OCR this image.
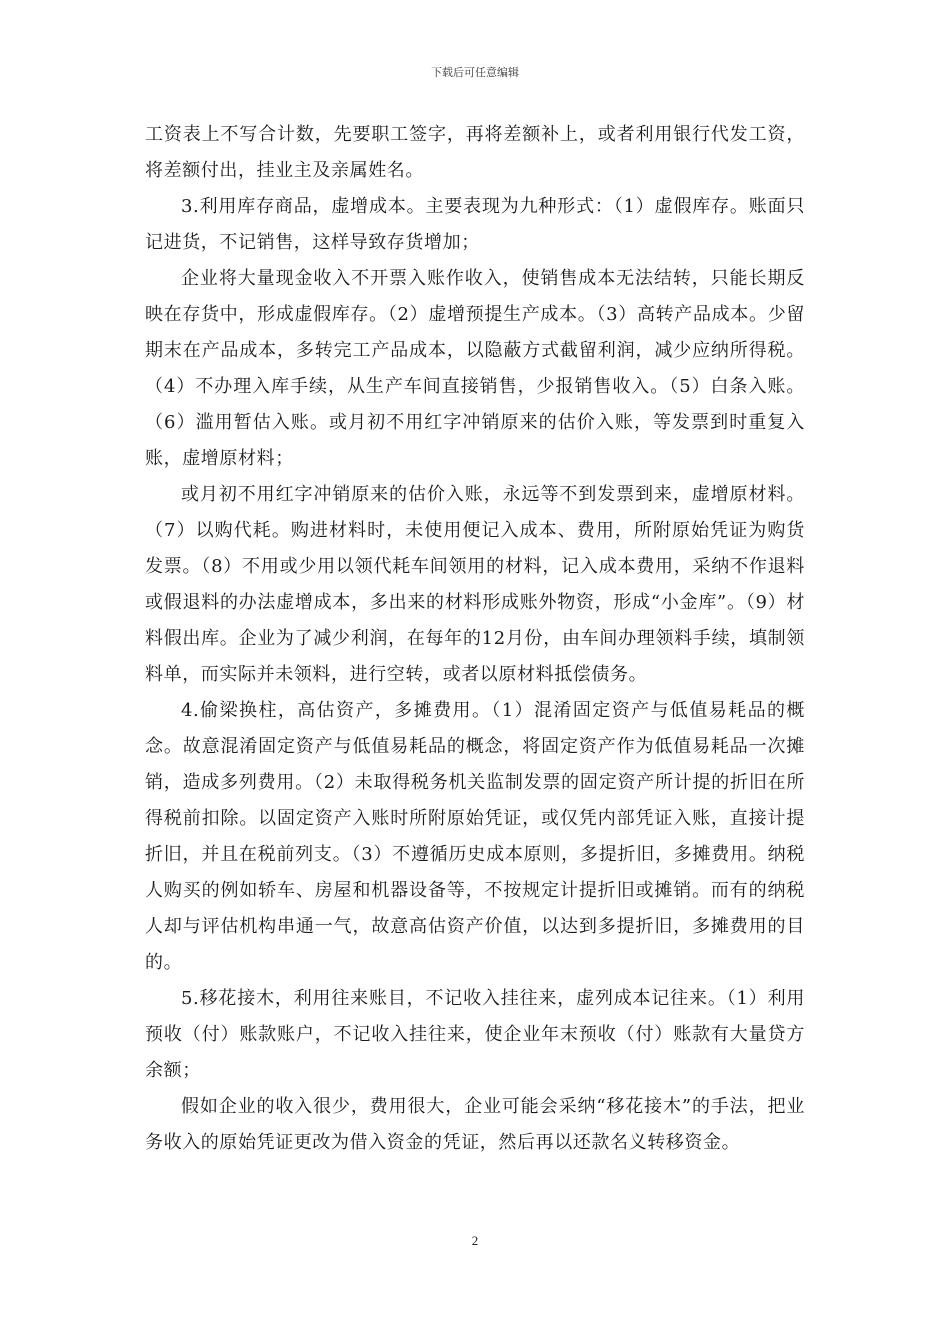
下载后可任意编辑

工资表上不写合计数，先要职工签字，再将差额补上，或者利用银行代发工资，将差额付出，挂业主及亲属姓名。

3.利用库存商品，虚增成本。主要表现为九种形式：（1）虚假库存。账面只记进货，不记销售，这样导致存货增加；

企业将大量现金收入不开票入账作收入，使销售成本无法结转，只能长期反映在存货中，形成虚假库存。（2）虚增预提生产成本。（3）高转产品成本。少留期末在产品成本，多转完工产品成本，以隐蔽方式截留利润，减少应纳所得税。（4）不办理入库手续，从生产车间直接销售，少报销售收入。（5）白条入账。（6）滥用暂估入账。或月初不用红字冲销原来的估价入账，等发票到时重复入账，虚增原材料；

或月初不用红字冲销原来的估价入账，永远等不到发票到来，虚增原材料。（7）以购代耗。购进材料时，未使用便记入成本、费用，所附原始凭证为购货发票。（8）不用或少用以领代耗车间领用的材料，记入成本费用，采纳不作退料或假退料的办法虚增成本，多出来的材料形成账外物资，形成“小金库”。（9）材料假出库。企业为了减少利润，在每年的12月份，由车间办理领料手续，填制领料单，而实际并未领料，进行空转，或者以原材料抵偿债务。

4.偷梁换柱，高估资产，多摊费用。（1）混淆固定资产与低值易耗品的概念。故意混淆固定资产与低值易耗品的概念，将固定资产作为低值易耗品一次摊销，造成多列费用。（2）未取得税务机关监制发票的固定资产所计提的折旧在所得税前扣除。以固定资产入账时所附原始凭证，或仅凭内部凭证入账，直接计提折旧，并且在税前列支。（3）不遵循历史成本原则，多提折旧，多摊费用。纳税人购买的例如轿车、房屋和机器设备等，不按规定计提折旧或摊销。而有的纳税人却与评估机构串通一气，故意高估资产价值，以达到多提折旧，多摊费用的目的。

5.移花接木，利用往来账目，不记收入挂往来，虚列成本记往来。（1）利用预收（付）账款账户，不记收入挂往来，使企业年末预收（付）账款有大量贷方余额；

假如企业的收入很少，费用很大，企业可能会采纳“移花接木”的手法，把业务收入的原始凭证更改为借入资金的凭证，然后再以还款名义转移资金。

2
